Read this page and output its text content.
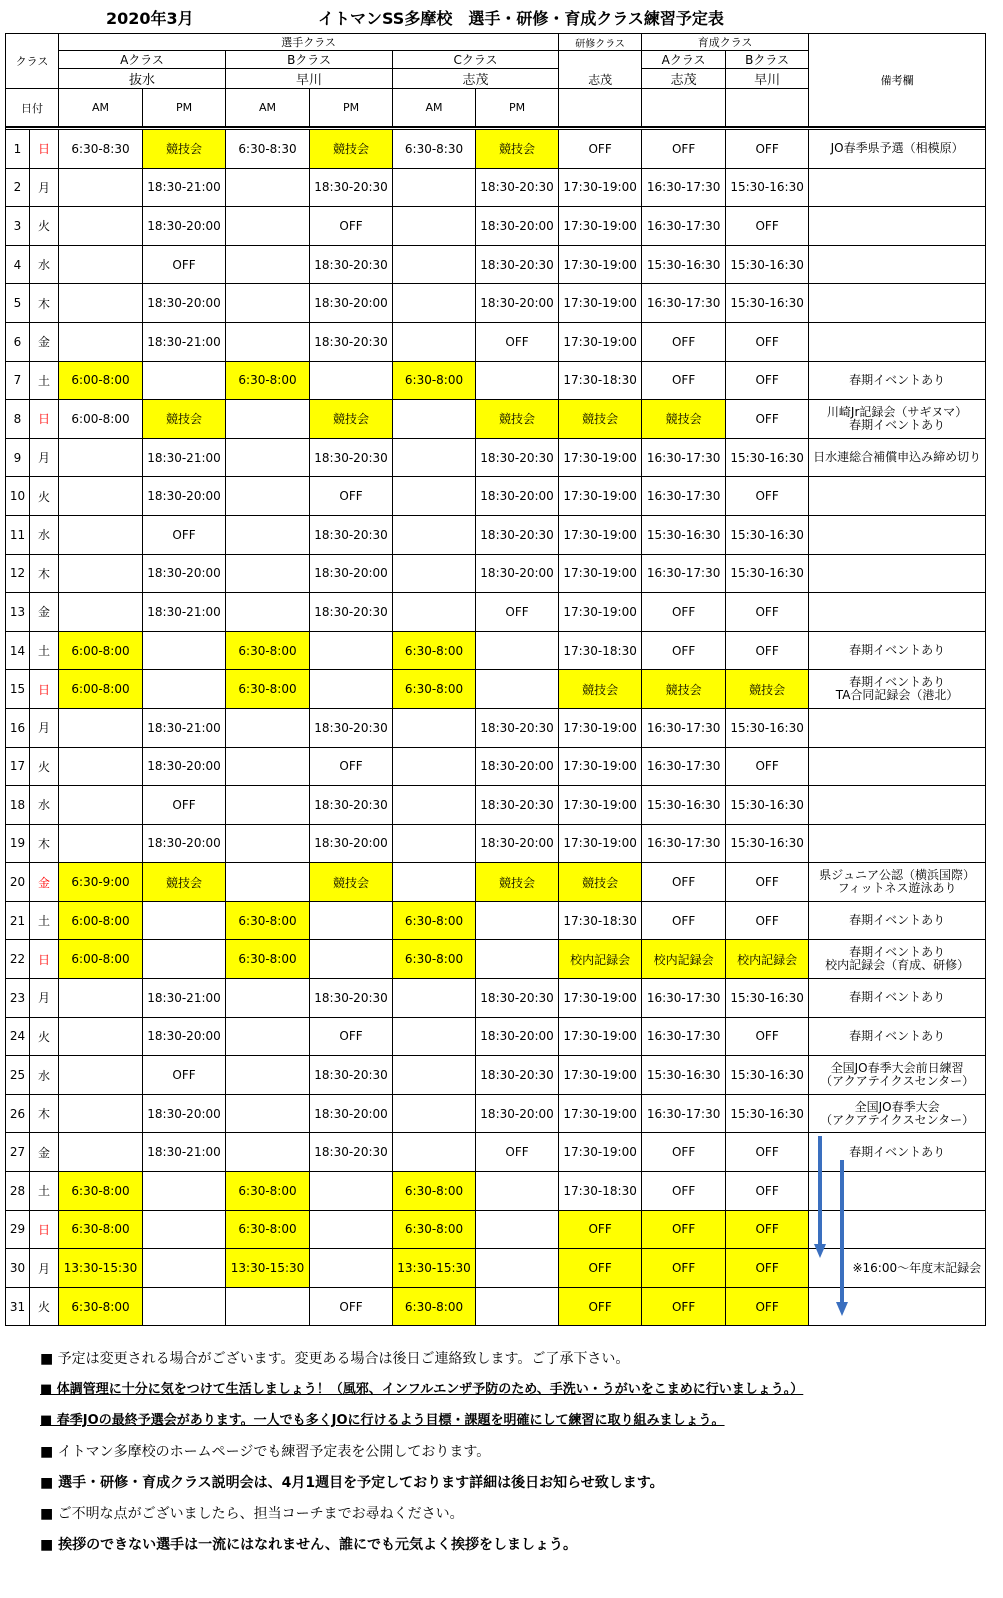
2020年3月	イトマンSS多摩校　選手・研修・育成クラス練習予定表
クラス		選手クラス						研修クラス	育成クラス		備考欄
		Aクラス		Bクラス		Cクラス		志茂	Aクラス	Bクラス	
		抜水		早川		志茂			志茂	早川	
日付		AM	PM	AM	PM	AM	PM				

1	日	6:30-8:30	競技会	6:30-8:30	競技会	6:30-8:30	競技会	OFF	OFF	OFF	JO春季県予選（相模原）
2	月		18:30-21:00		18:30-20:30		18:30-20:30	17:30-19:00	16:30-17:30	15:30-16:30	
3	火		18:30-20:00		OFF		18:30-20:00	17:30-19:00	16:30-17:30	OFF	
4	水		OFF		18:30-20:30		18:30-20:30	17:30-19:00	15:30-16:30	15:30-16:30	
5	木		18:30-20:00		18:30-20:00		18:30-20:00	17:30-19:00	16:30-17:30	15:30-16:30	
6	金		18:30-21:00		18:30-20:30		OFF	17:30-19:00	OFF	OFF	
7	土	6:00-8:00		6:30-8:00		6:30-8:00		17:30-18:30	OFF	OFF	春期イベントあり
8	日	6:00-8:00	競技会		競技会		競技会	競技会	競技会	OFF	川崎Jr記録会（サギヌマ）
春期イベントあり
9	月		18:30-21:00		18:30-20:30		18:30-20:30	17:30-19:00	16:30-17:30	15:30-16:30	日水連総合補償申込み締め切り
10	火		18:30-20:00		OFF		18:30-20:00	17:30-19:00	16:30-17:30	OFF	
11	水		OFF		18:30-20:30		18:30-20:30	17:30-19:00	15:30-16:30	15:30-16:30	
12	木		18:30-20:00		18:30-20:00		18:30-20:00	17:30-19:00	16:30-17:30	15:30-16:30	
13	金		18:30-21:00		18:30-20:30		OFF	17:30-19:00	OFF	OFF	
14	土	6:00-8:00		6:30-8:00		6:30-8:00		17:30-18:30	OFF	OFF	春期イベントあり
15	日	6:00-8:00		6:30-8:00		6:30-8:00		競技会	競技会	競技会	春期イベントあり
TA合同記録会（港北）
16	月		18:30-21:00		18:30-20:30		18:30-20:30	17:30-19:00	16:30-17:30	15:30-16:30	
17	火		18:30-20:00		OFF		18:30-20:00	17:30-19:00	16:30-17:30	OFF	
18	水		OFF		18:30-20:30		18:30-20:30	17:30-19:00	15:30-16:30	15:30-16:30	
19	木		18:30-20:00		18:30-20:00		18:30-20:00	17:30-19:00	16:30-17:30	15:30-16:30	
20	金	6:30-9:00	競技会		競技会		競技会	競技会	OFF	OFF	県ジュニア公認（横浜国際）
フィットネス遊泳あり
21	土	6:00-8:00		6:30-8:00		6:30-8:00		17:30-18:30	OFF	OFF	春期イベントあり
22	日	6:00-8:00		6:30-8:00		6:30-8:00		校内記録会	校内記録会	校内記録会	春期イベントあり
校内記録会（育成、研修）
23	月		18:30-21:00		18:30-20:30		18:30-20:30	17:30-19:00	16:30-17:30	15:30-16:30	春期イベントあり
24	火		18:30-20:00		OFF		18:30-20:00	17:30-19:00	16:30-17:30	OFF	春期イベントあり
25	水		OFF		18:30-20:30		18:30-20:30	17:30-19:00	15:30-16:30	15:30-16:30	全国JO春季大会前日練習
（アクアテイクスセンター）
26	木		18:30-20:00		18:30-20:00		18:30-20:00	17:30-19:00	16:30-17:30	15:30-16:30	全国JO春季大会
（アクアテイクスセンター）
27	金		18:30-21:00		18:30-20:30		OFF	17:30-19:00	OFF	OFF	春期イベントあり
28	土	6:30-8:00		6:30-8:00		6:30-8:00		17:30-18:30	OFF	OFF	
29	日	6:30-8:00		6:30-8:00		6:30-8:00		OFF	OFF	OFF	
30	月	13:30-15:30		13:30-15:30		13:30-15:30		OFF	OFF	OFF	※16:00～年度末記録会
31	火	6:30-8:00			OFF	6:30-8:00		OFF	OFF	OFF	
■ 予定は変更される場合がございます。変更ある場合は後日ご連絡致します。ご了承下さい。
■ 体調管理に十分に気をつけて生活しましょう！（風邪、インフルエンザ予防のため、手洗い・うがいをこまめに行いましょう。）
■ 春季JOの最終予選会があります。一人でも多くJOに行けるよう目標・課題を明確にして練習に取り組みましょう。
■ イトマン多摩校のホームページでも練習予定表を公開しております。
■ 選手・研修・育成クラス説明会は、4月1週目を予定しております詳細は後日お知らせ致します。
■ ご不明な点がございましたら、担当コーチまでお尋ねください。
■ 挨拶のできない選手は一流にはなれません、誰にでも元気よく挨拶をしましょう。
